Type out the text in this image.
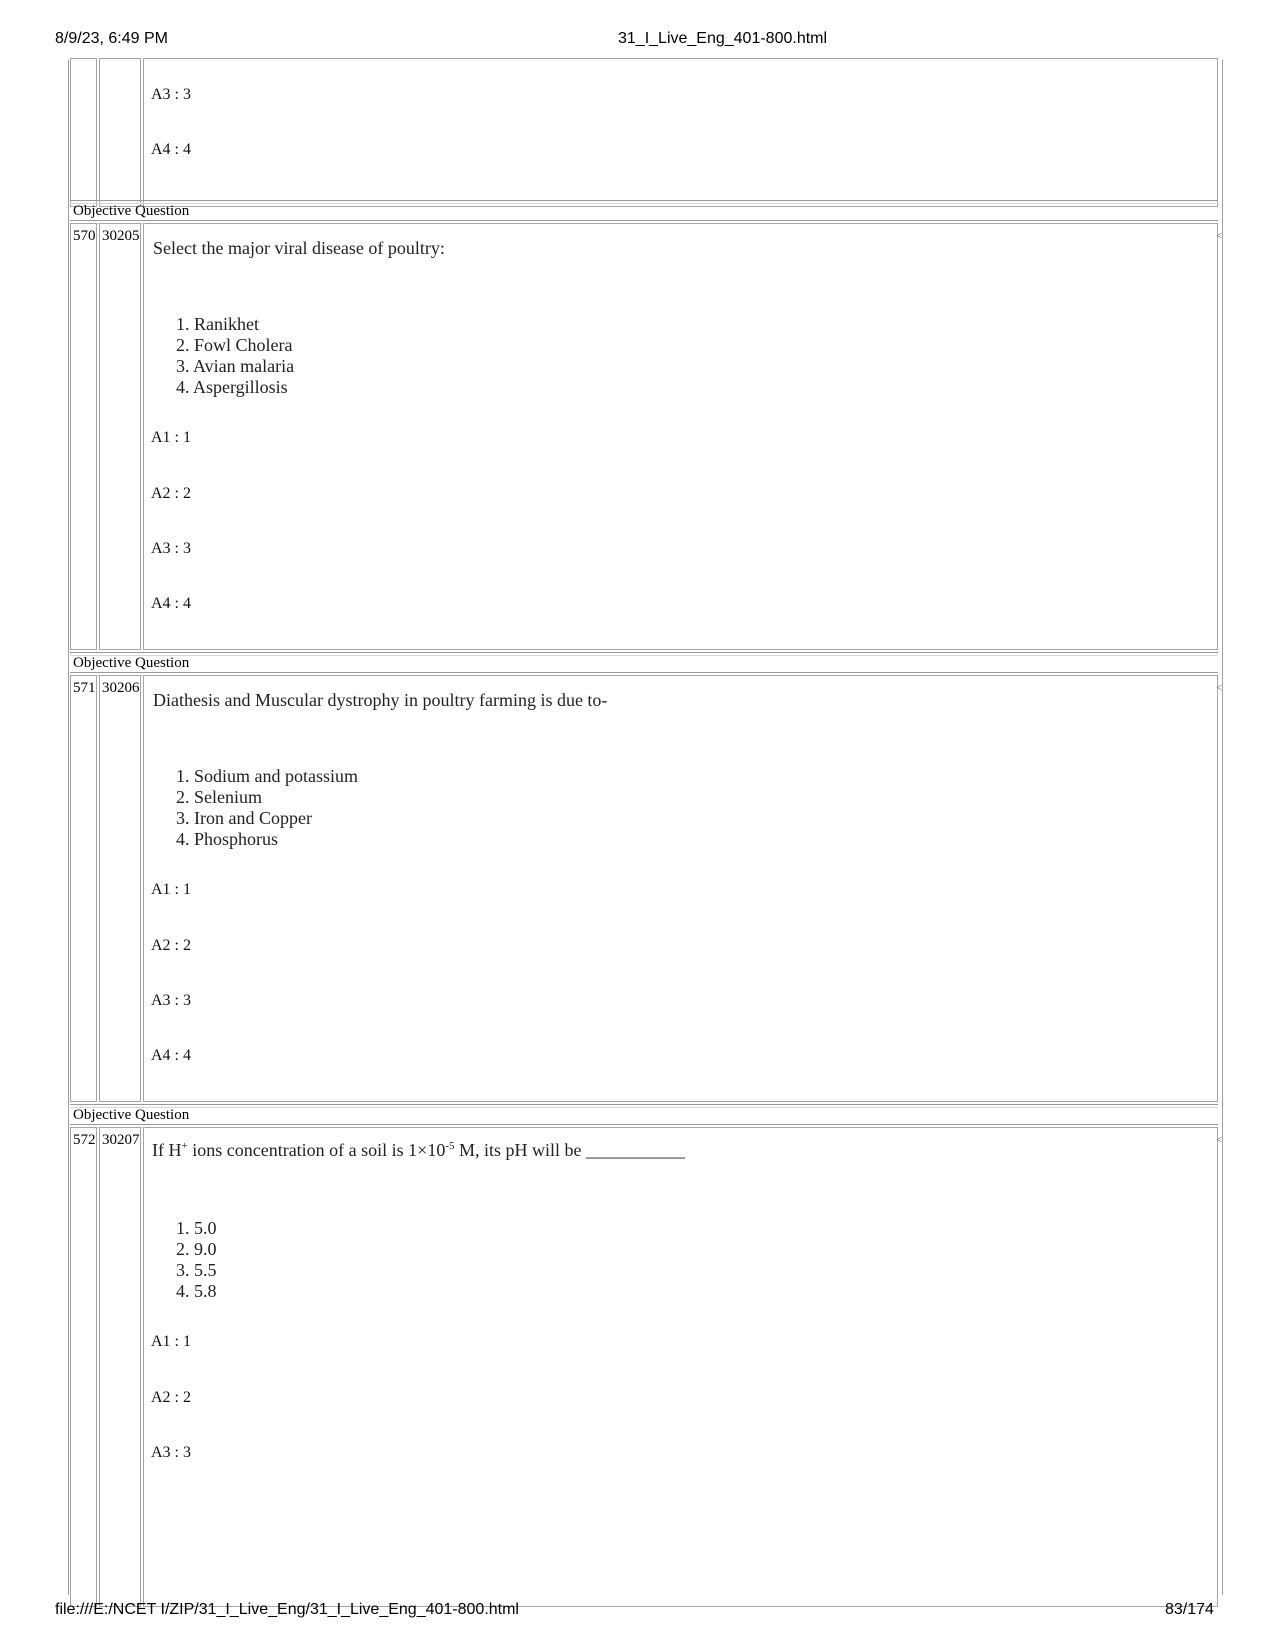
8/9/23, 6:49 PM	31_I_Live_Eng_401-800.html
A3 : 3
A4 : 4
Objective Question
570 30205
Select the major viral disease of poultry:
1. Ranikhet
2. Fowl Cholera
3. Avian malaria
4. Aspergillosis
A1 : 1
A2 : 2
A3 : 3
A4 : 4
˂
Objective Question
571 30206
Diathesis and Muscular dystrophy in poultry farming is due to-
1. Sodium and potassium
2. Selenium
3. Iron and Copper
4. Phosphorus
A1 : 1
A2 : 2
A3 : 3
A4 : 4
˂
Objective Question
572 30207 If H+ ions concentration of a soil is $1\times 10^{-5}$ M, its pH will be ___________
1. 5.0
2. 9.0
3. 5.5
4. 5.8
A1 : 1
A2 : 2
A3 : 3
˂
file:///E:/NCET I/ZIP/31_I_Live_Eng/31_I_Live_Eng_401-800.html	83/174
